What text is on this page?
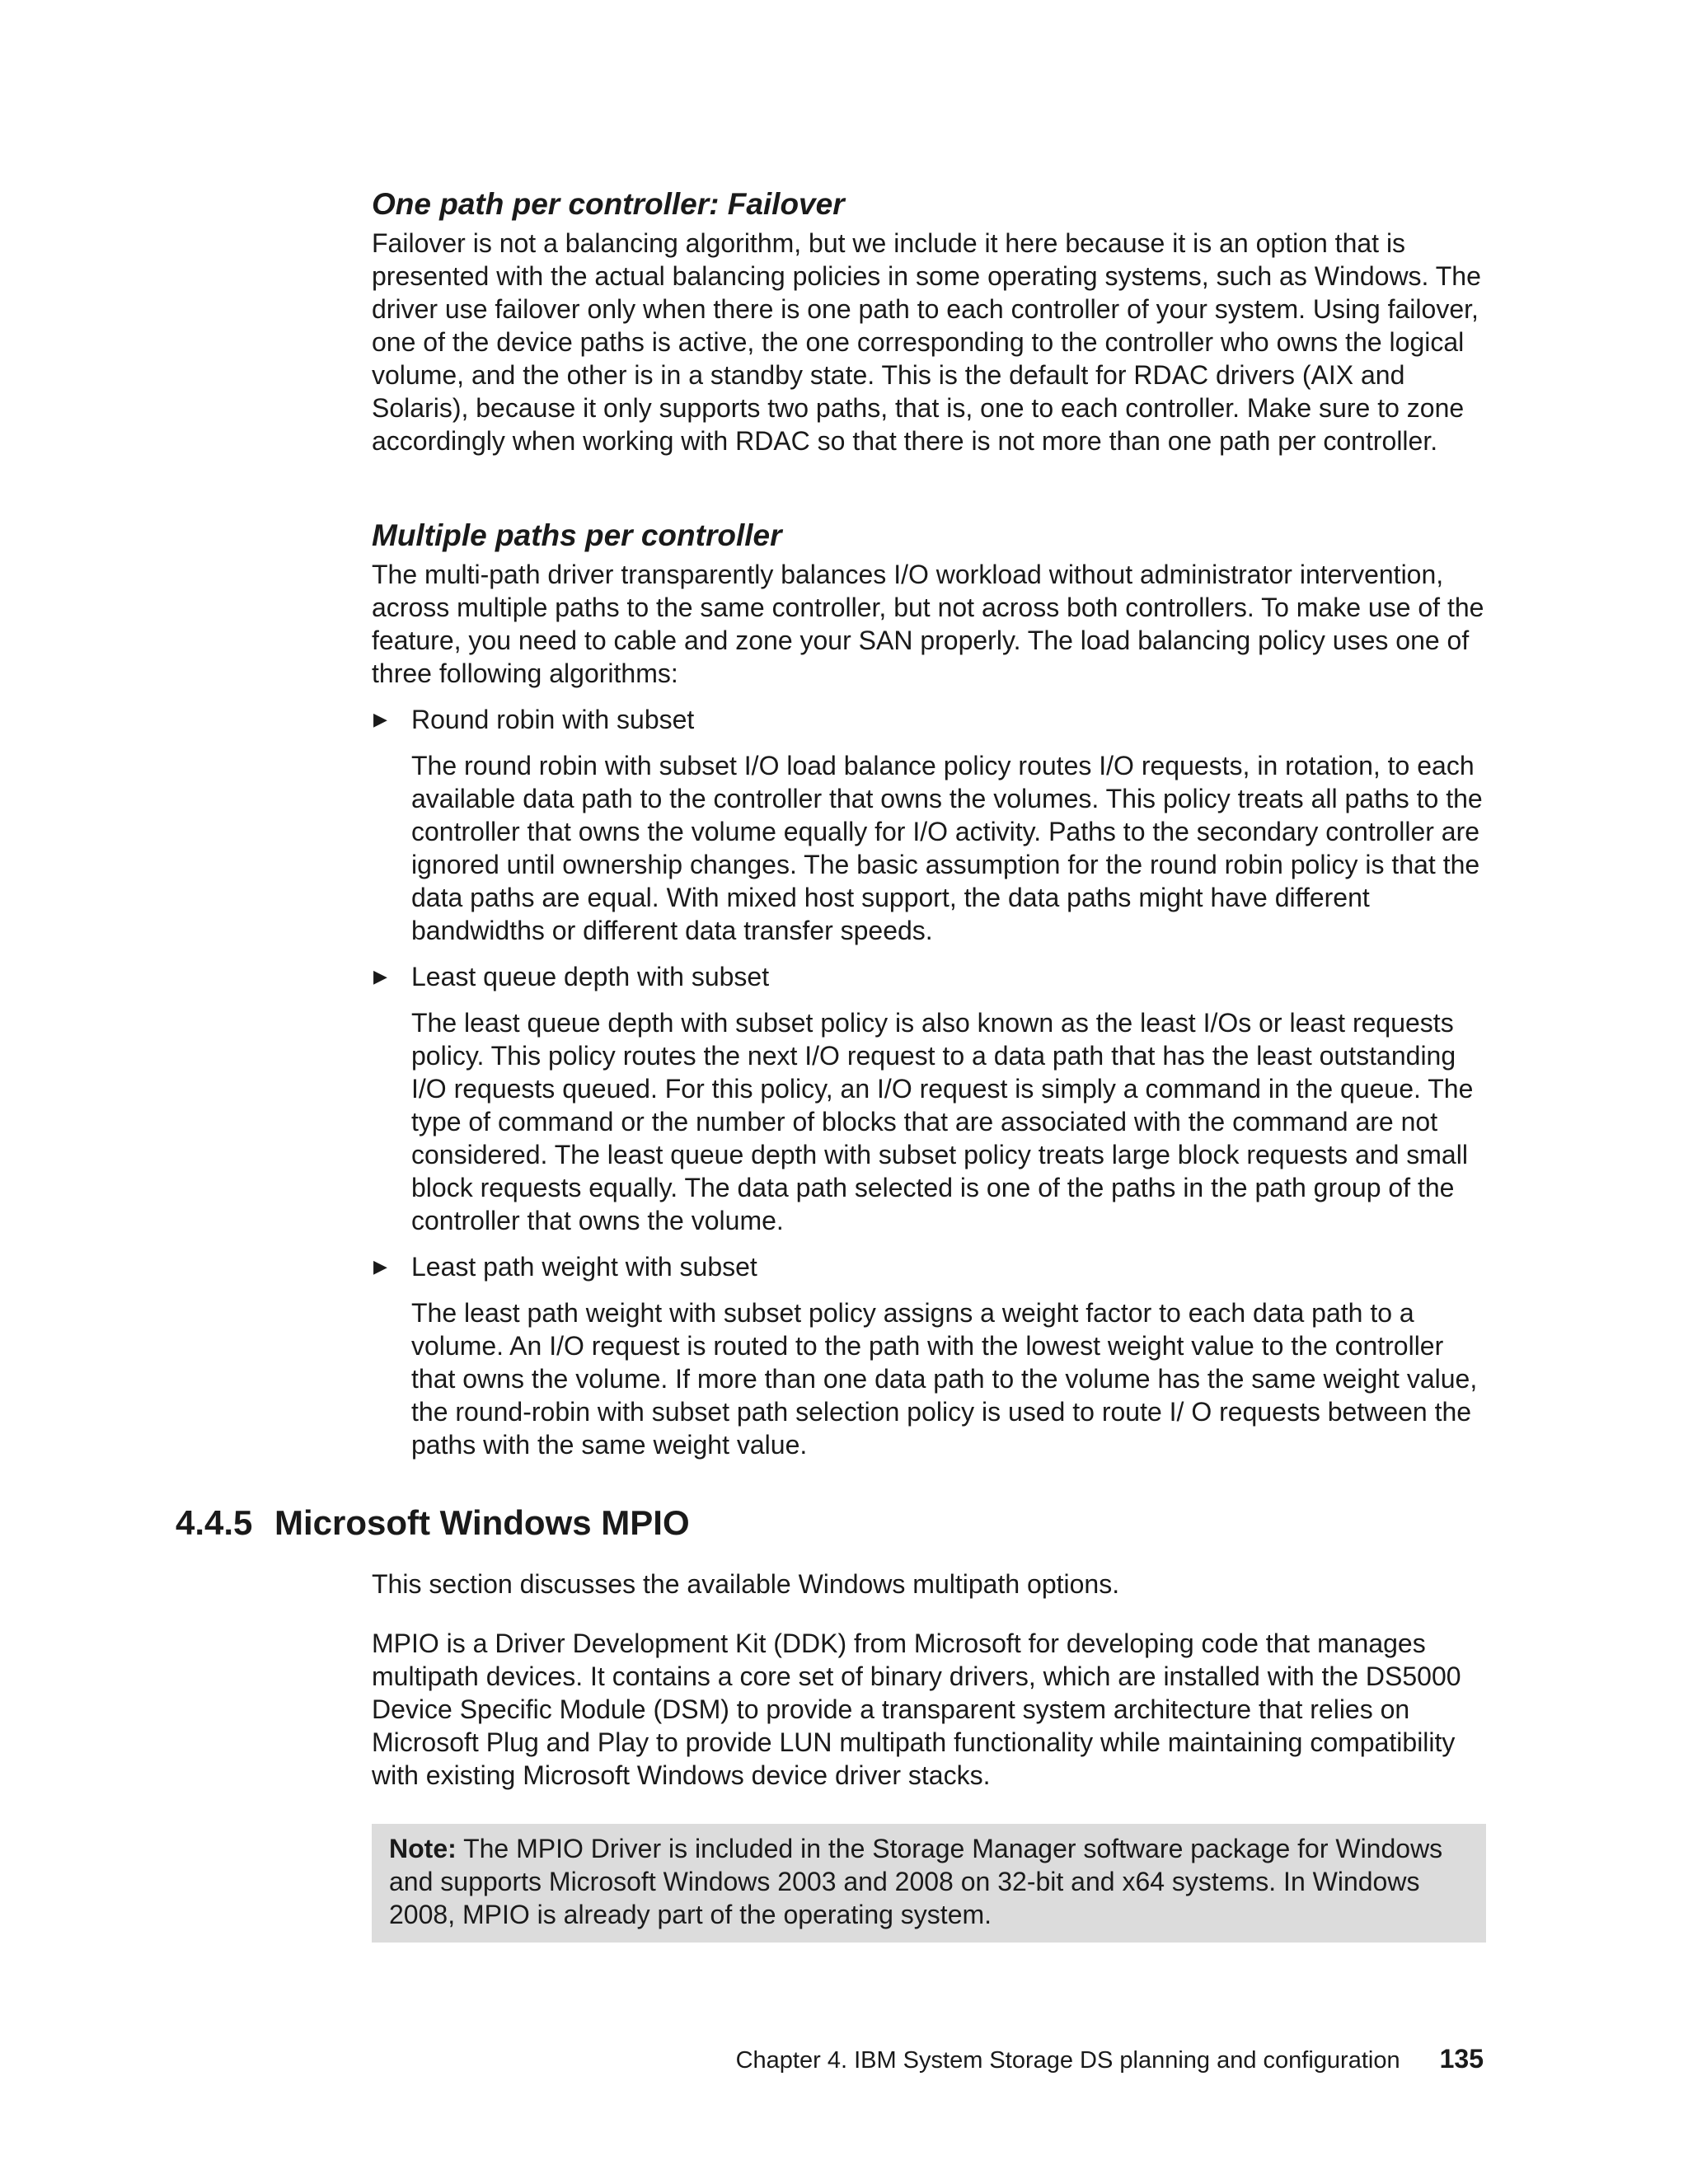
One path per controller: Failover

Failover is not a balancing algorithm, but we include it here because it is an option that is presented with the actual balancing policies in some operating systems, such as Windows. The driver use failover only when there is one path to each controller of your system. Using failover, one of the device paths is active, the one corresponding to the controller who owns the logical volume, and the other is in a standby state. This is the default for RDAC drivers (AIX and Solaris), because it only supports two paths, that is, one to each controller. Make sure to zone accordingly when working with RDAC so that there is not more than one path per controller.

Multiple paths per controller

The multi-path driver transparently balances I/O workload without administrator intervention, across multiple paths to the same controller, but not across both controllers. To make use of the feature, you need to cable and zone your SAN properly. The load balancing policy uses one of three following algorithms:

▶ Round robin with subset

The round robin with subset I/O load balance policy routes I/O requests, in rotation, to each available data path to the controller that owns the volumes. This policy treats all paths to the controller that owns the volume equally for I/O activity. Paths to the secondary controller are ignored until ownership changes. The basic assumption for the round robin policy is that the data paths are equal. With mixed host support, the data paths might have different bandwidths or different data transfer speeds.

▶ Least queue depth with subset

The least queue depth with subset policy is also known as the least I/Os or least requests policy. This policy routes the next I/O request to a data path that has the least outstanding I/O requests queued. For this policy, an I/O request is simply a command in the queue. The type of command or the number of blocks that are associated with the command are not considered. The least queue depth with subset policy treats large block requests and small block requests equally. The data path selected is one of the paths in the path group of the controller that owns the volume.

▶ Least path weight with subset

The least path weight with subset policy assigns a weight factor to each data path to a volume. An I/O request is routed to the path with the lowest weight value to the controller that owns the volume. If more than one data path to the volume has the same weight value, the round-robin with subset path selection policy is used to route I/ O requests between the paths with the same weight value.

4.4.5 Microsoft Windows MPIO

This section discusses the available Windows multipath options.

MPIO is a Driver Development Kit (DDK) from Microsoft for developing code that manages multipath devices. It contains a core set of binary drivers, which are installed with the DS5000 Device Specific Module (DSM) to provide a transparent system architecture that relies on Microsoft Plug and Play to provide LUN multipath functionality while maintaining compatibility with existing Microsoft Windows device driver stacks.

Note: The MPIO Driver is included in the Storage Manager software package for Windows and supports Microsoft Windows 2003 and 2008 on 32-bit and x64 systems. In Windows 2008, MPIO is already part of the operating system.
Chapter 4. IBM System Storage DS planning and configuration 135
